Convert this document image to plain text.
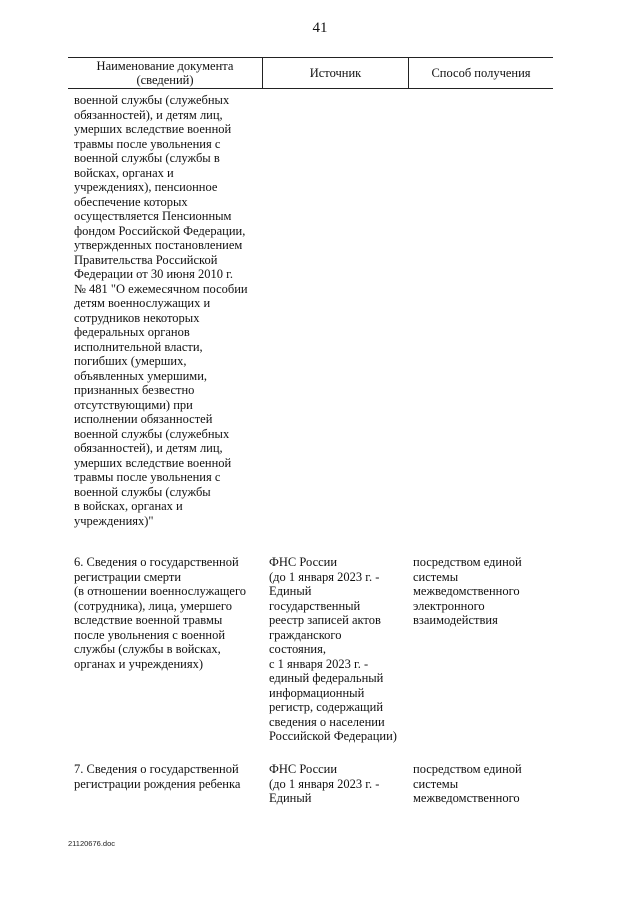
41
Наименование документа
(сведений)	Источник	Способ получения
военной службы (служебных
обязанностей), и детям лиц,
умерших вследствие военной
травмы после увольнения с
военной службы (службы в
войсках, органах и
учреждениях), пенсионное
обеспечение которых
осуществляется Пенсионным
фондом Российской Федерации,
утвержденных постановлением
Правительства Российской
Федерации от 30 июня 2010 г.
№ 481 "О ежемесячном пособии
детям военнослужащих и
сотрудников некоторых
федеральных органов
исполнительной власти,
погибших (умерших,
объявленных умершими,
признанных безвестно
отсутствующими) при
исполнении обязанностей
военной службы (служебных
обязанностей), и детям лиц,
умерших вследствие военной
травмы после увольнения с
военной службы (службы
в войсках, органах и
учреждениях)"
6. Сведения о государственной
регистрации смерти
(в отношении военнослужащего
(сотрудника), лица, умершего
вследствие военной травмы
после увольнения с военной
службы (службы в войсках,
органах и учреждениях)
ФНС России
(до 1 января 2023 г. -
Единый
государственный
реестр записей актов
гражданского
состояния,
с 1 января 2023 г. -
единый федеральный
информационный
регистр, содержащий
сведения о населении
Российской Федерации)
посредством единой
системы
межведомственного
электронного
взаимодействия
7. Сведения о государственной
регистрации рождения ребенка
ФНС России
(до 1 января 2023 г. -
Единый
посредством единой
системы
межведомственного
21120676.doc
